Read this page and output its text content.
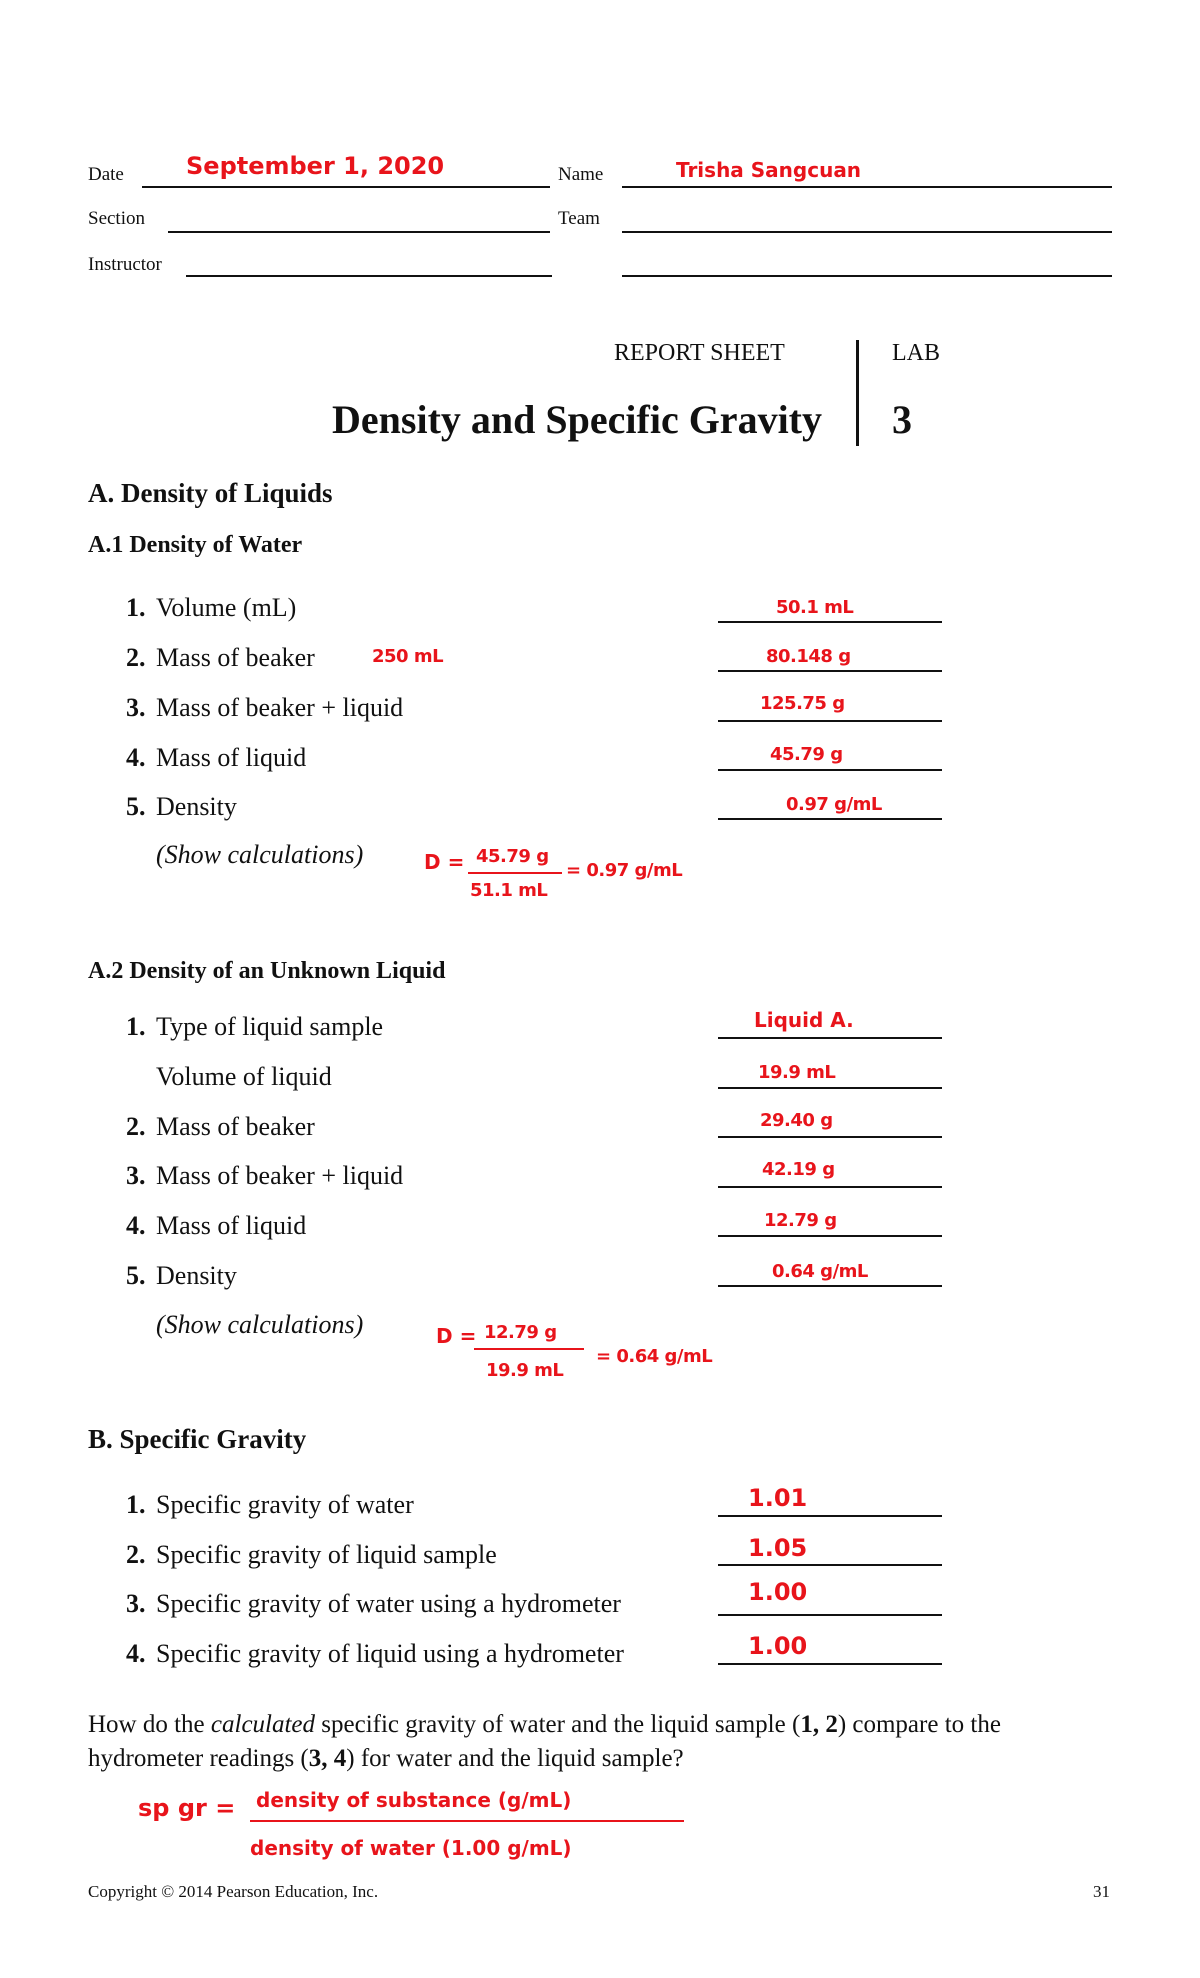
Date	September 1, 2020	Name	Trisha Sangcuan
Section	Team
Instructor
REPORT SHEET	LAB
Density and Specific Gravity 3
A. Density of Liquids
A.1 Density of Water
1. Volume (mL)	50.1 mL
2. Mass of beaker	250 mL	80.148 g
3. Mass of beaker + liquid	125.75 g
4. Mass of liquid	45.79 g
5. Density	0.97 g/mL
(Show calculations)	D = 45.79 g
51.1 mL
= 0.97 g/mL
A.2 Density of an Unknown Liquid
1. Type of liquid sample	Liquid A.
Volume of liquid	19.9 mL
2. Mass of beaker	29.40 g
3. Mass of beaker + liquid	42.19 g
4. Mass of liquid	12.79 g
5. Density	0.64 g/mL
(Show calculations)	D = 12.79 g
19.9 mL
= 0.64 g/mL
B. Specific Gravity
1. Specific gravity of water	1.01
2. Specific gravity of liquid sample	1.05
3. Specific gravity of water using a hydrometer	1.00
4. Specific gravity of liquid using a hydrometer	1.00
How do the calculated specific gravity of water and the liquid sample (1, 2) compare to the hydrometer readings (3, 4) for water and the liquid sample?
sp gr = density of substance (g/mL)
density of water (1.00 g/mL)
Copyright © 2014 Pearson Education, Inc.	31
